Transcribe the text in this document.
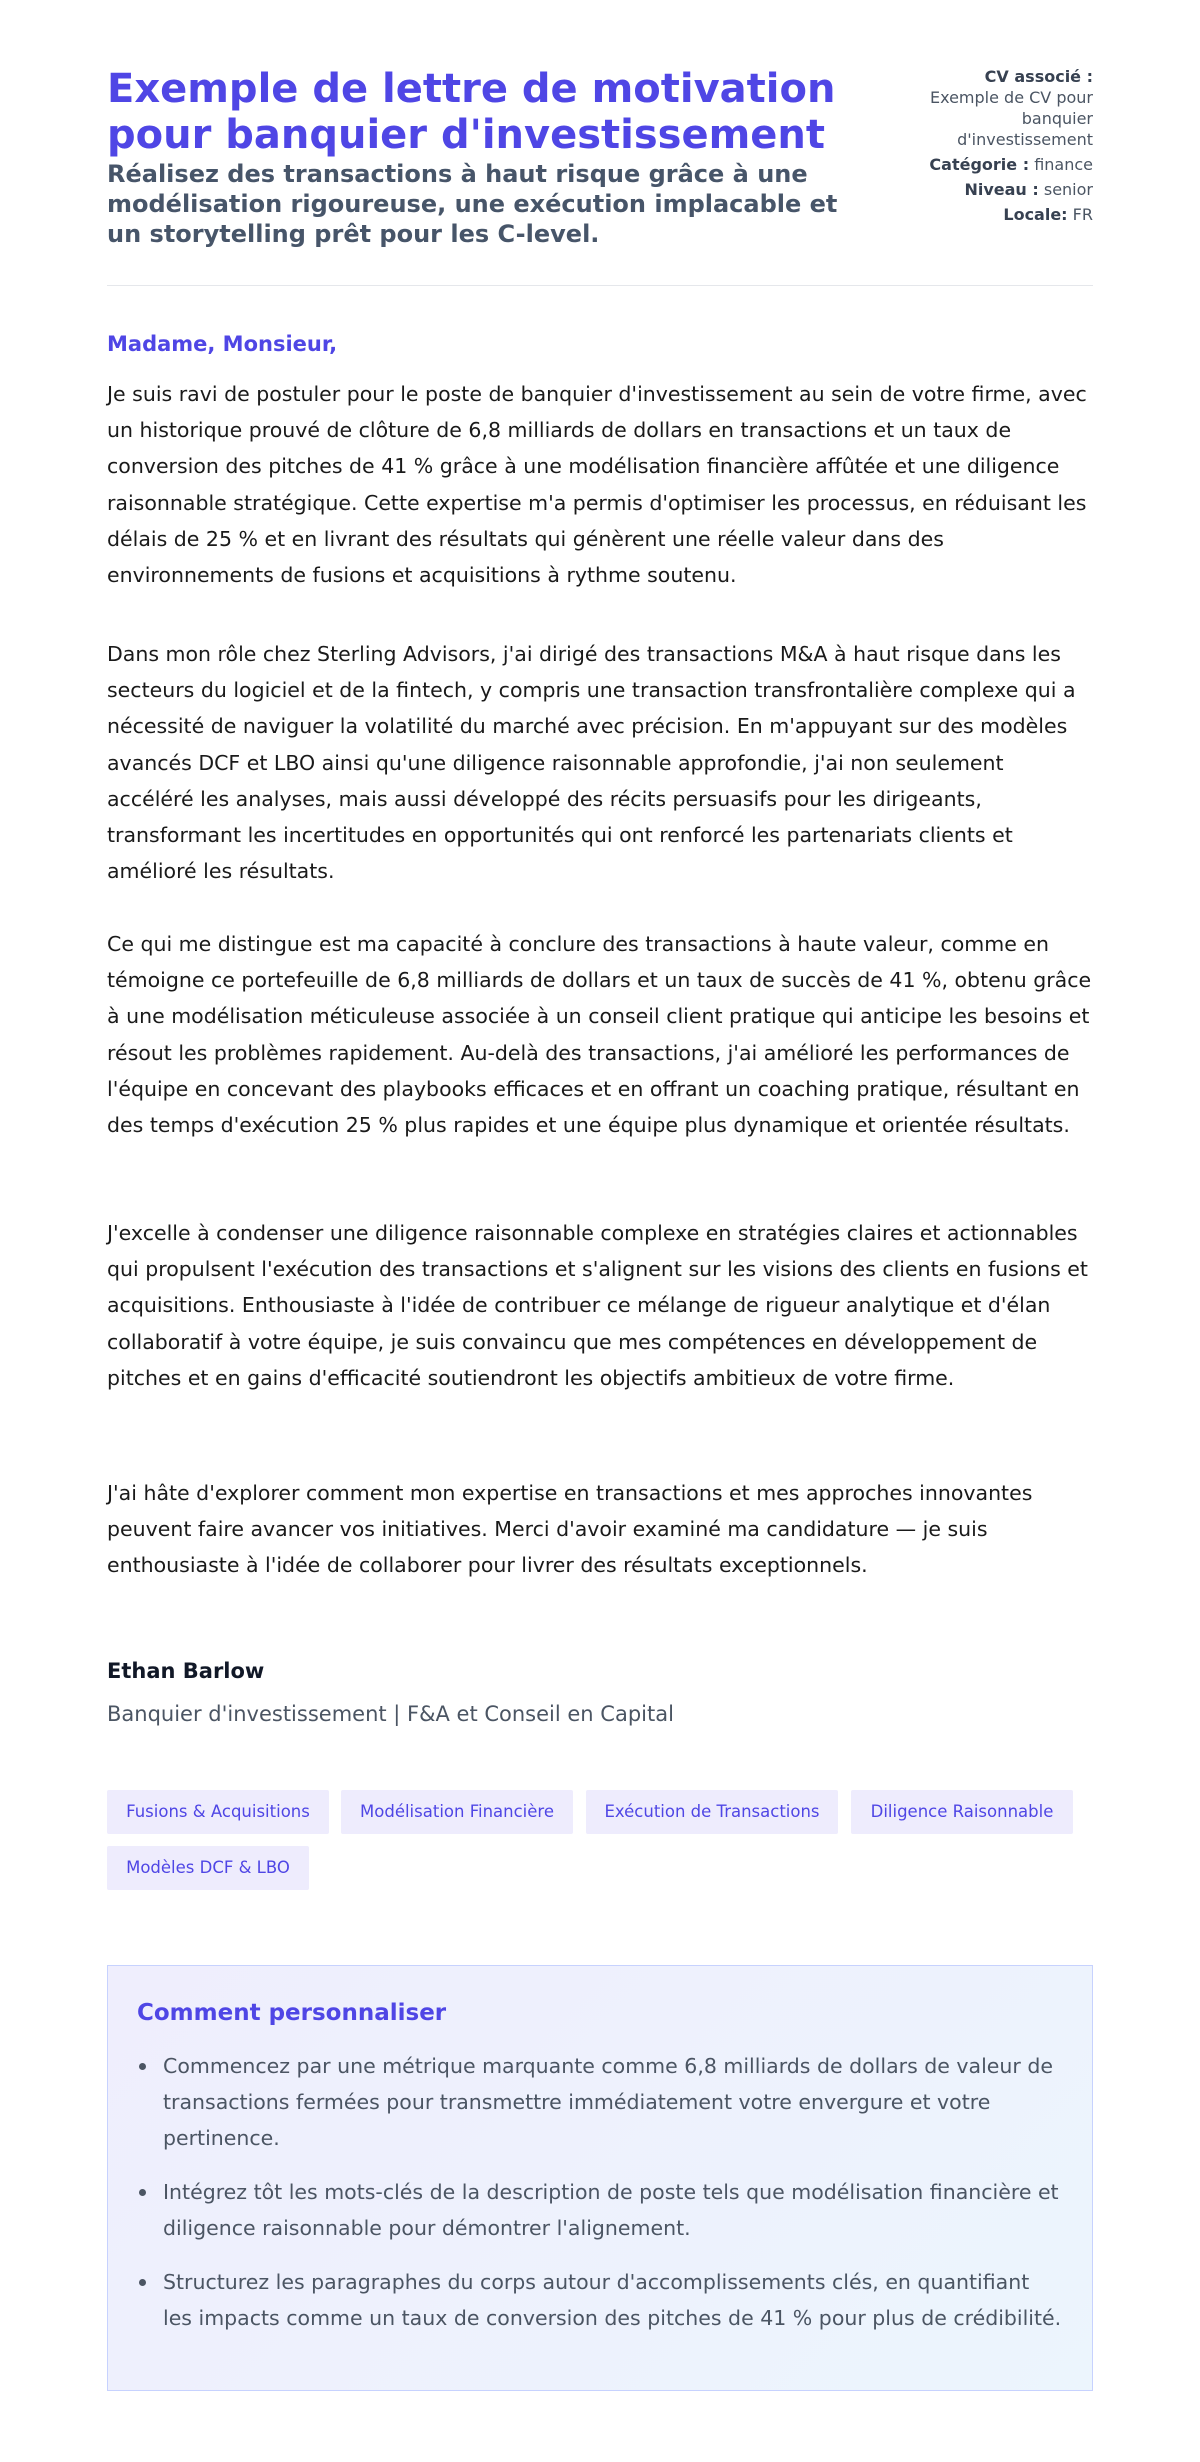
Exemple de lettre de motivation pour banquier d'investissement
Réalisez des transactions à haut risque grâce à une modélisation rigoureuse, une exécution implacable et un storytelling prêt pour les C-level.
CV associé :
Exemple de CV pour banquier d'investissement
Catégorie : finance
Niveau : senior
Locale: FR

Madame, Monsieur,

Je suis ravi de postuler pour le poste de banquier d'investissement au sein de votre firme, avec un historique prouvé de clôture de 6,8 milliards de dollars en transactions et un taux de conversion des pitches de 41 % grâce à une modélisation financière affûtée et une diligence raisonnable stratégique. Cette expertise m'a permis d'optimiser les processus, en réduisant les délais de 25 % et en livrant des résultats qui génèrent une réelle valeur dans des environnements de fusions et acquisitions à rythme soutenu.

Dans mon rôle chez Sterling Advisors, j'ai dirigé des transactions M&A à haut risque dans les secteurs du logiciel et de la fintech, y compris une transaction transfrontalière complexe qui a nécessité de naviguer la volatilité du marché avec précision. En m'appuyant sur des modèles avancés DCF et LBO ainsi qu'une diligence raisonnable approfondie, j'ai non seulement accéléré les analyses, mais aussi développé des récits persuasifs pour les dirigeants, transformant les incertitudes en opportunités qui ont renforcé les partenariats clients et amélioré les résultats.

Ce qui me distingue est ma capacité à conclure des transactions à haute valeur, comme en témoigne ce portefeuille de 6,8 milliards de dollars et un taux de succès de 41 %, obtenu grâce à une modélisation méticuleuse associée à un conseil client pratique qui anticipe les besoins et résout les problèmes rapidement. Au-delà des transactions, j'ai amélioré les performances de l'équipe en concevant des playbooks efficaces et en offrant un coaching pratique, résultant en des temps d'exécution 25 % plus rapides et une équipe plus dynamique et orientée résultats.

J'excelle à condenser une diligence raisonnable complexe en stratégies claires et actionnables qui propulsent l'exécution des transactions et s'alignent sur les visions des clients en fusions et acquisitions. Enthousiaste à l'idée de contribuer ce mélange de rigueur analytique et d'élan collaboratif à votre équipe, je suis convaincu que mes compétences en développement de pitches et en gains d'efficacité soutiendront les objectifs ambitieux de votre firme.

J'ai hâte d'explorer comment mon expertise en transactions et mes approches innovantes peuvent faire avancer vos initiatives. Merci d'avoir examiné ma candidature — je suis enthousiaste à l'idée de collaborer pour livrer des résultats exceptionnels.

Ethan Barlow

Banquier d'investissement | F&A et Conseil en Capital

Fusions & Acquisitions	Modélisation Financière	Exécution de Transactions	Diligence Raisonnable
Modèles DCF & LBO
Comment personnaliser

Commencez par une métrique marquante comme 6,8 milliards de dollars de valeur de transactions fermées pour transmettre immédiatement votre envergure et votre pertinence.

Intégrez tôt les mots-clés de la description de poste tels que modélisation financière et diligence raisonnable pour démontrer l'alignement.

Structurez les paragraphes du corps autour d'accomplissements clés, en quantifiant les impacts comme un taux de conversion des pitches de 41 % pour plus de crédibilité.
